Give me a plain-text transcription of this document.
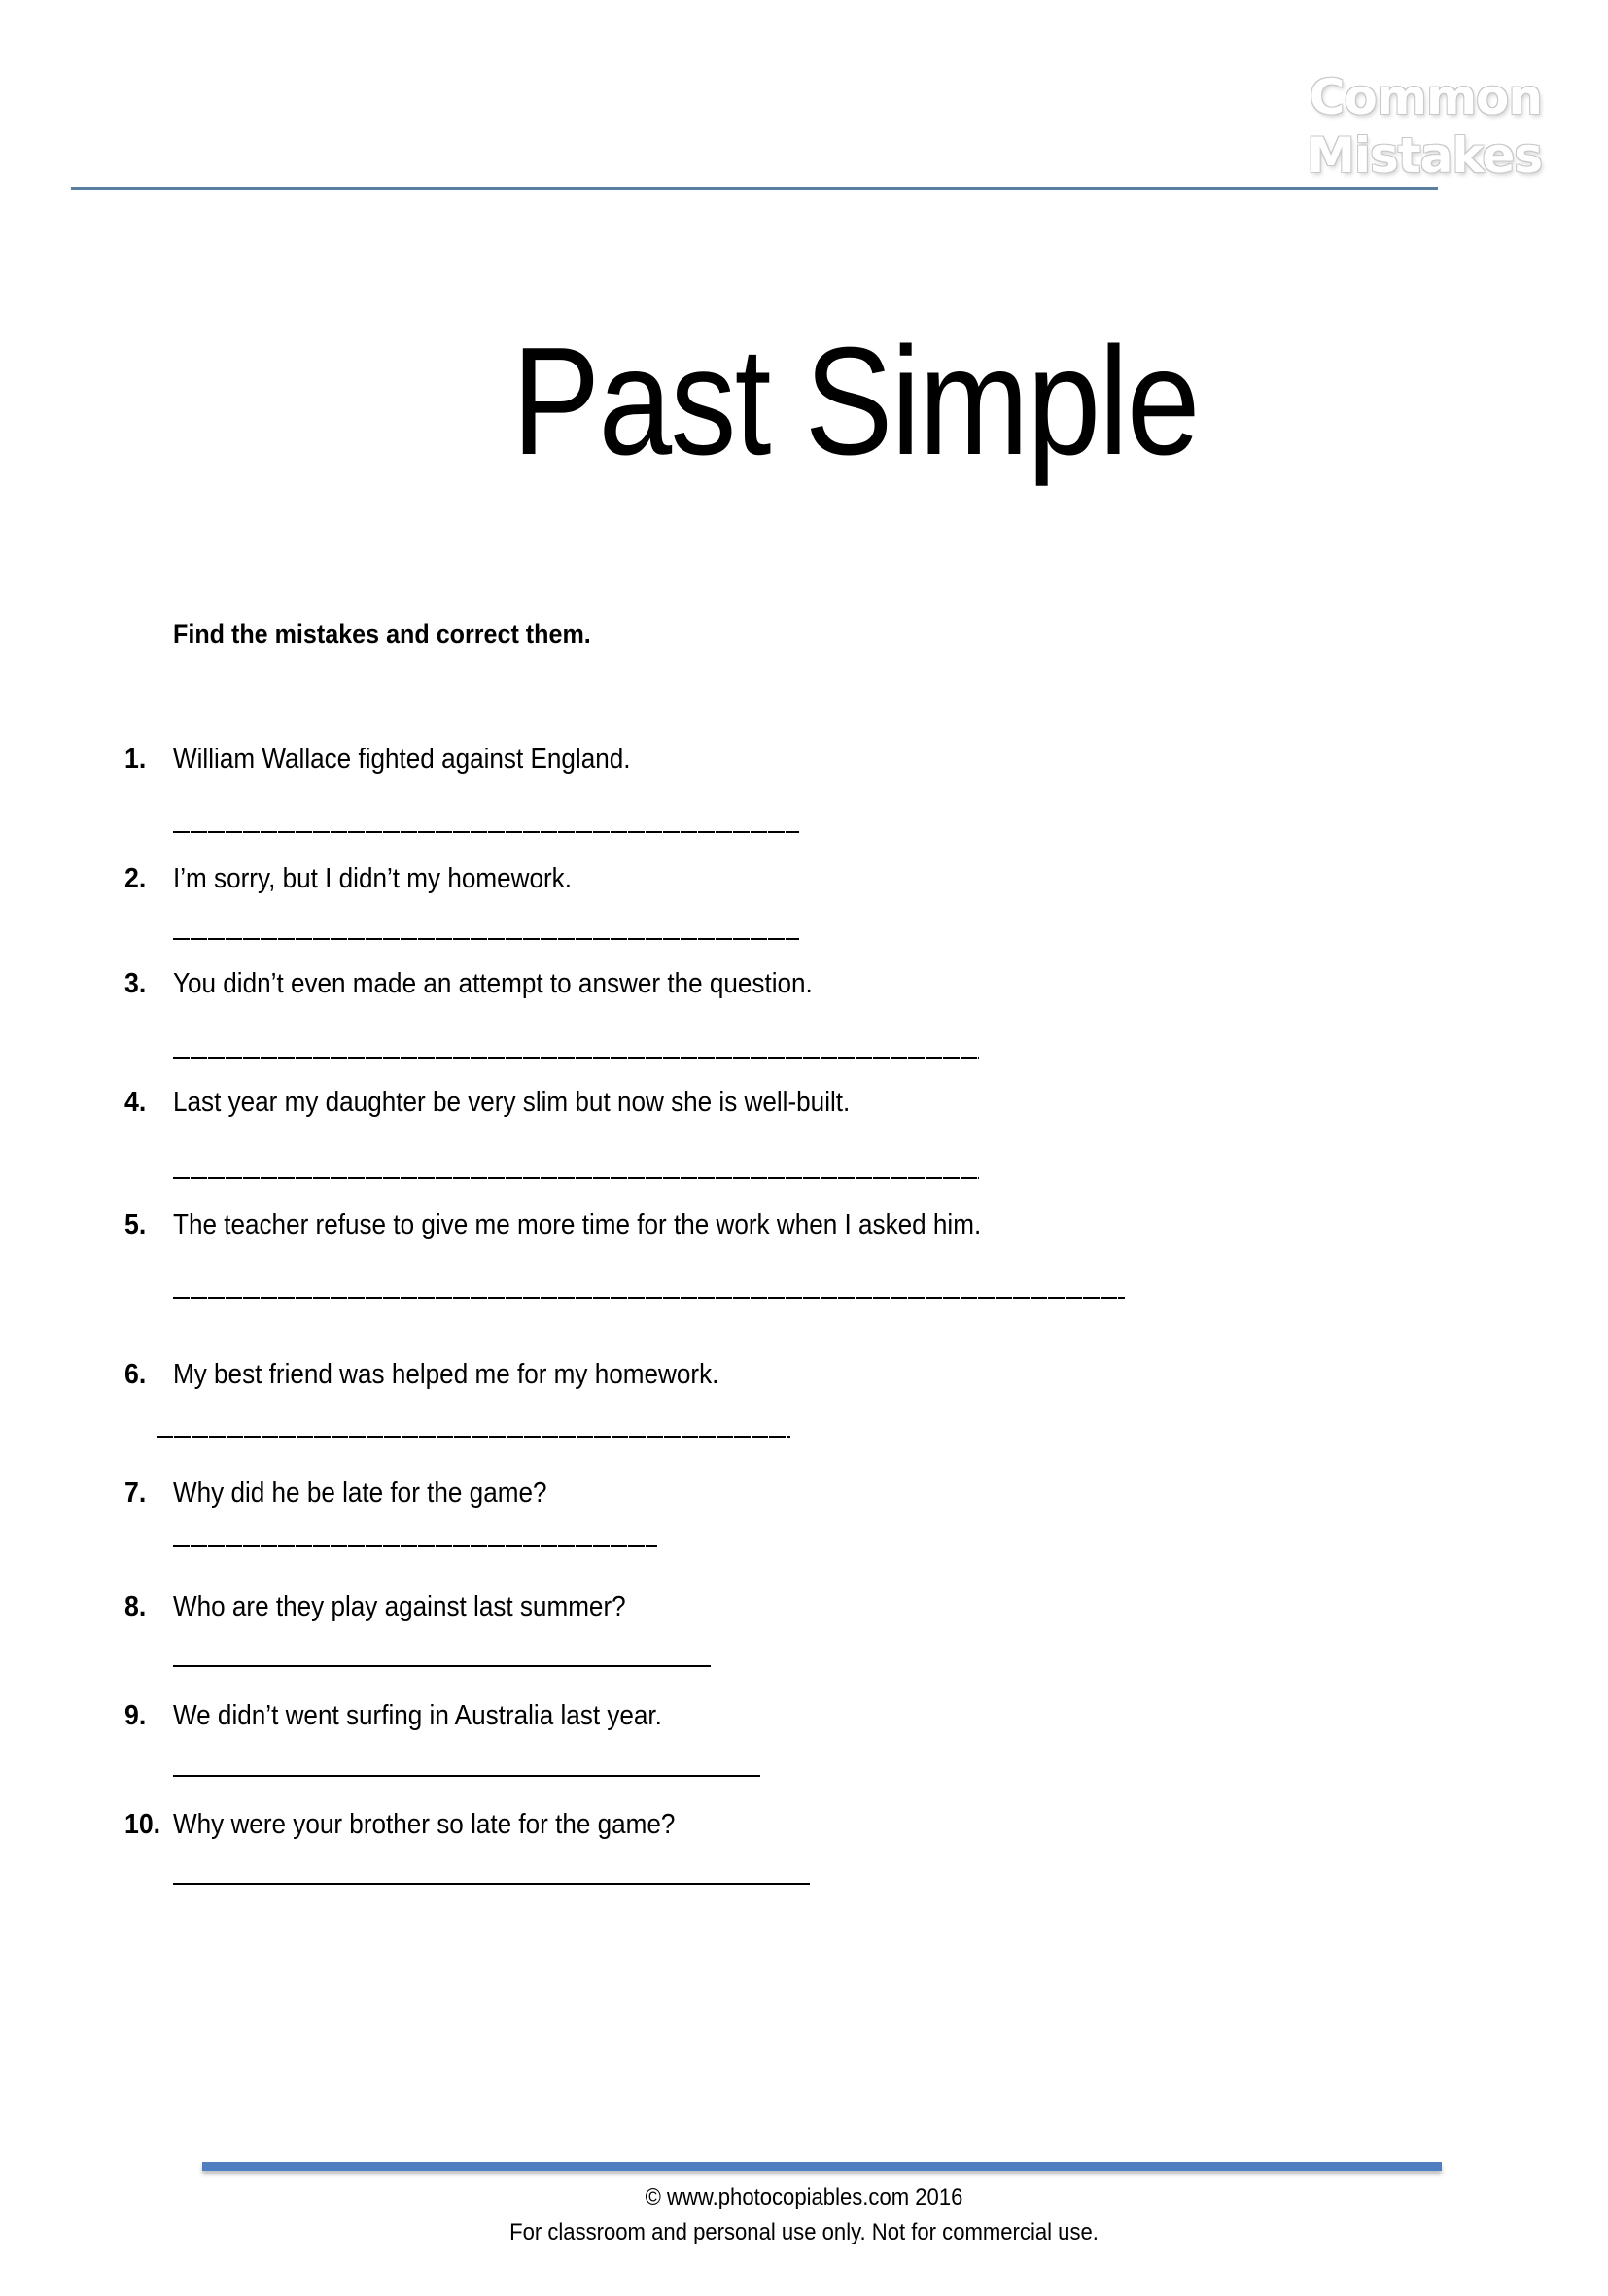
Common Mistakes
Past Simple
Find the mistakes and correct them.
1. William Wallace fighted against England.
2. I’m sorry, but I didn’t my homework.
3. You didn’t even made an attempt to answer the question.
4. Last year my daughter be very slim but now she is well-built.
5. The teacher refuse to give me more time for the work when I asked him.
6. My best friend was helped me for my homework.
7. Why did he be late for the game?
8. Who are they play against last summer?
9. We didn’t went surfing in Australia last year.
10. Why were your brother so late for the game?
© www.photocopiables.com 2016
For classroom and personal use only. Not for commercial use.
